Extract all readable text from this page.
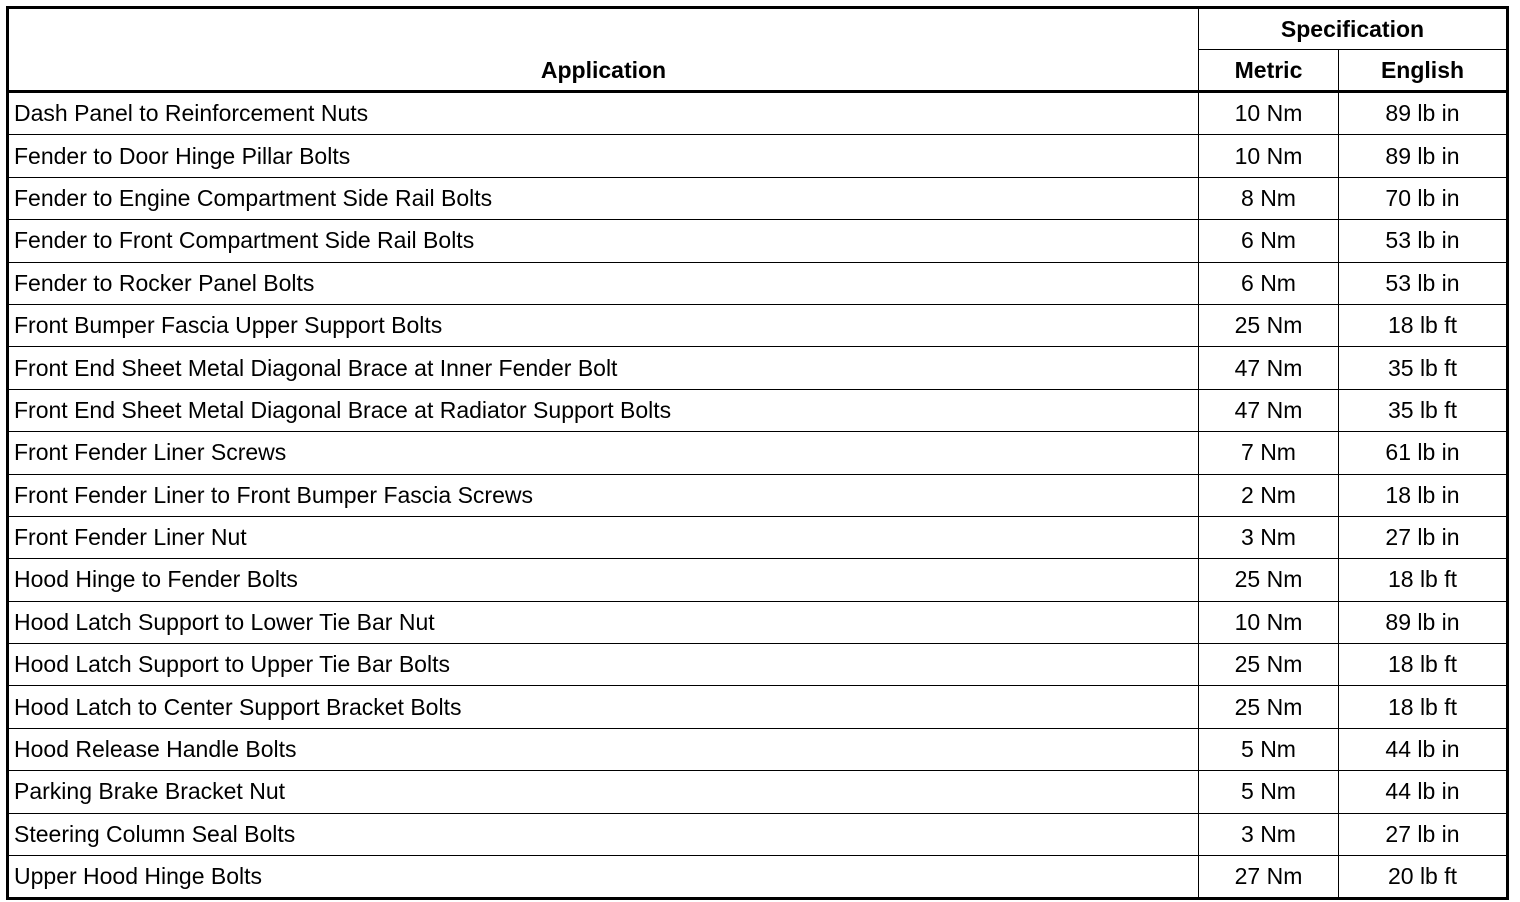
Application	Specification	
	Metric	English
Dash Panel to Reinforcement Nuts	10 Nm	89 lb in
Fender to Door Hinge Pillar Bolts	10 Nm	89 lb in
Fender to Engine Compartment Side Rail Bolts	8 Nm	70 lb in
Fender to Front Compartment Side Rail Bolts	6 Nm	53 lb in
Fender to Rocker Panel Bolts	6 Nm	53 lb in
Front Bumper Fascia Upper Support Bolts	25 Nm	18 lb ft
Front End Sheet Metal Diagonal Brace at Inner Fender Bolt	47 Nm	35 lb ft
Front End Sheet Metal Diagonal Brace at Radiator Support Bolts	47 Nm	35 lb ft
Front Fender Liner Screws	7 Nm	61 lb in
Front Fender Liner to Front Bumper Fascia Screws	2 Nm	18 lb in
Front Fender Liner Nut	3 Nm	27 lb in
Hood Hinge to Fender Bolts	25 Nm	18 lb ft
Hood Latch Support to Lower Tie Bar Nut	10 Nm	89 lb in
Hood Latch Support to Upper Tie Bar Bolts	25 Nm	18 lb ft
Hood Latch to Center Support Bracket Bolts	25 Nm	18 lb ft
Hood Release Handle Bolts	5 Nm	44 lb in
Parking Brake Bracket Nut	5 Nm	44 lb in
Steering Column Seal Bolts	3 Nm	27 lb in
Upper Hood Hinge Bolts	27 Nm	20 lb ft
